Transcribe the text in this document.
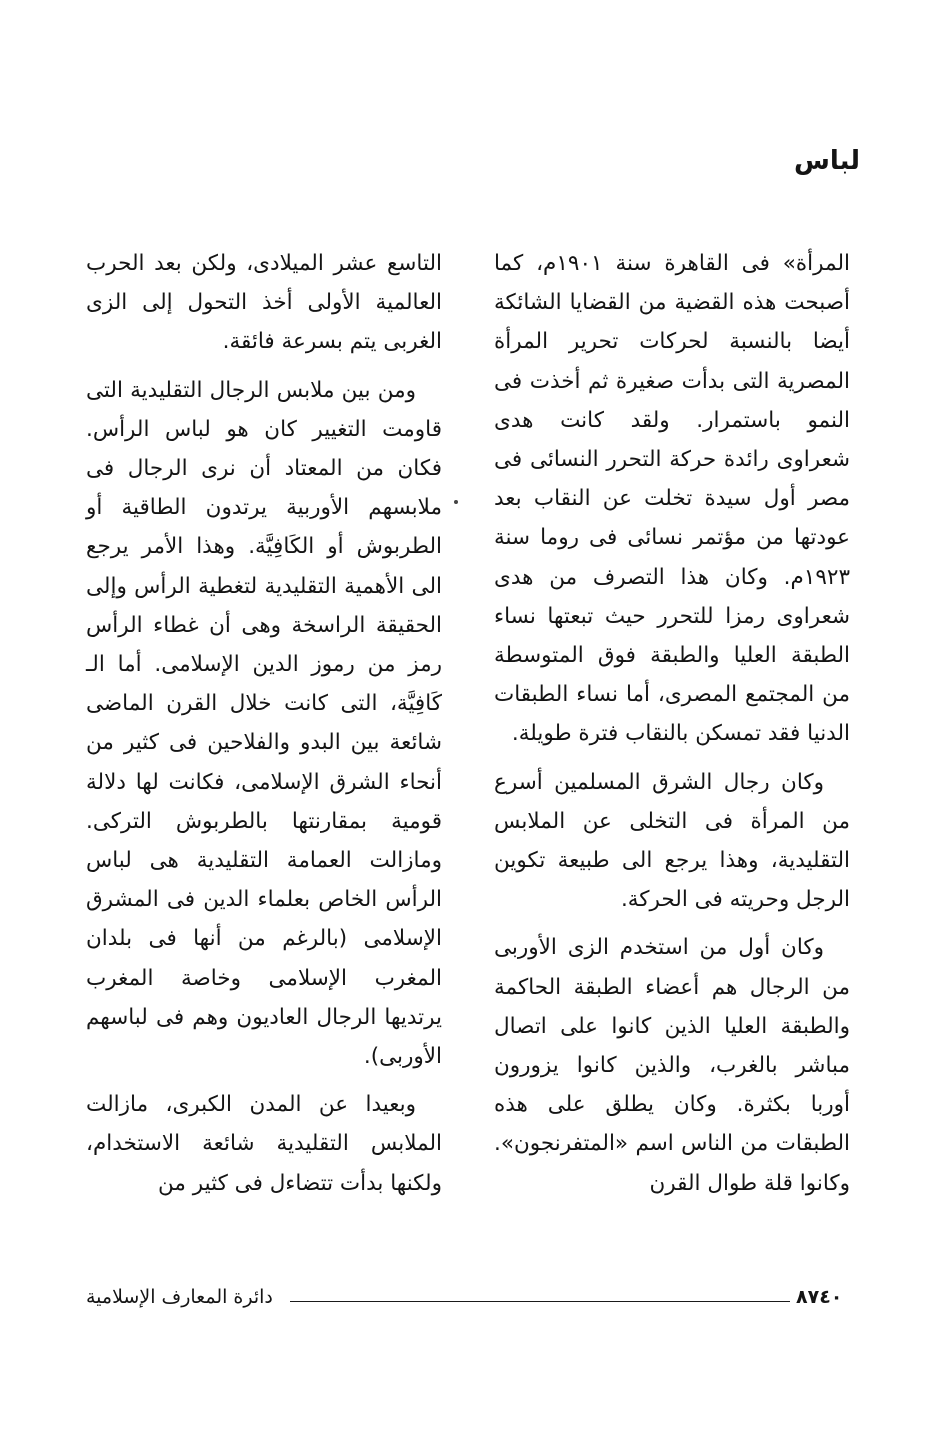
لباس

المرأة» فى القاهرة سنة ١٩٠١م، كما أصبحت هذه القضية من القضايا الشائكة أيضا بالنسبة لحركات تحرير المرأة المصرية التى بدأت صغيرة ثم أخذت فى النمو باستمرار. ولقد كانت هدى شعراوى رائدة حركة التحرر النسائى فى مصر أول سيدة تخلت عن النقاب بعد عودتها من مؤتمر نسائى فى روما سنة ١٩٢٣م. وكان هذا التصرف من هدى شعراوى رمزا للتحرر حيث تبعتها نساء الطبقة العليا والطبقة فوق المتوسطة من المجتمع المصرى، أما نساء الطبقات الدنيا فقد تمسكن بالنقاب فترة طويلة.

وكان رجال الشرق المسلمين أسرع من المرأة فى التخلى عن الملابس التقليدية، وهذا يرجع الى طبيعة تكوين الرجل وحريته فى الحركة.

وكان أول من استخدم الزى الأوربى من الرجال هم أعضاء الطبقة الحاكمة والطبقة العليا الذين كانوا على اتصال مباشر بالغرب، والذين كانوا يزورون أوربا بكثرة. وكان يطلق على هذه الطبقات من الناس اسم «المتفرنجون». وكانوا قلة طوال القرن

التاسع عشر الميلادى، ولكن بعد الحرب العالمية الأولى أخذ التحول إلى الزى الغربى يتم بسرعة فائقة.

ومن بين ملابس الرجال التقليدية التى قاومت التغيير كان هو لباس الرأس. فكان من المعتاد أن نرى الرجال فى ملابسهم الأوربية يرتدون الطاقية أو الطربوش أو الكَافِيَّة. وهذا الأمر يرجع الى الأهمية التقليدية لتغطية الرأس وإلى الحقيقة الراسخة وهى أن غطاء الرأس رمز من رموز الدين الإسلامى. أما الـ كَافِيَّة، التى كانت خلال القرن الماضى شائعة بين البدو والفلاحين فى كثير من أنحاء الشرق الإسلامى، فكانت لها دلالة قومية بمقارنتها بالطربوش التركى. ومازالت العمامة التقليدية هى لباس الرأس الخاص بعلماء الدين فى المشرق الإسلامى (بالرغم من أنها فى بلدان المغرب الإسلامى وخاصة المغرب يرتديها الرجال العاديون وهم فى لباسهم الأوربى).

وبعيدا عن المدن الكبرى، مازالت الملابس التقليدية شائعة الاستخدام، ولكنها بدأت تتضاءل فى كثير من

دائرة المعارف الإسلامية	٨٧٤٠
